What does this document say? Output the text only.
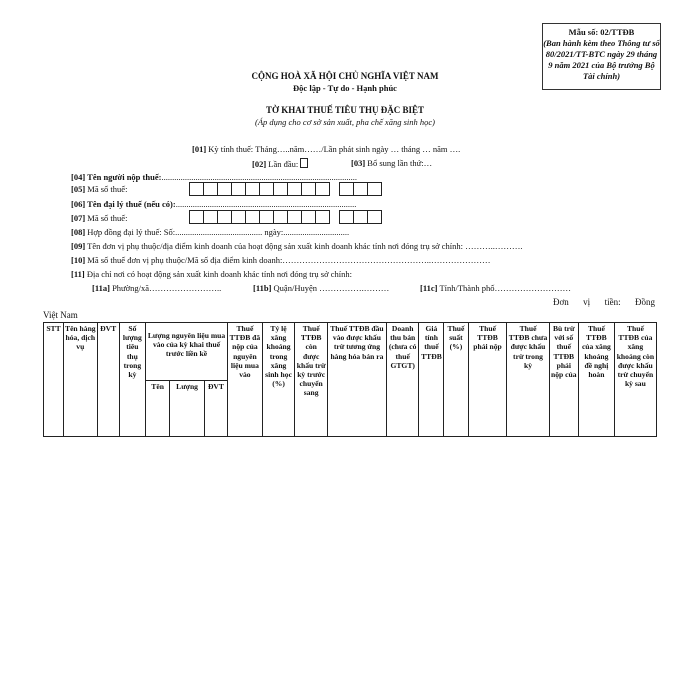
Mẫu số: 02/TTĐB
(Ban hành kèm theo Thông tư số 80/2021/TT-BTC ngày 29 tháng 9 năm 2021 của Bộ trưởng Bộ Tài chính)
CỘNG HOÀ XÃ HỘI CHỦ NGHĨA VIỆT NAM
Độc lập - Tự do - Hạnh phúc
TỜ KHAI THUẾ TIÊU THỤ ĐẶC BIỆT
(Áp dụng cho cơ sở sản xuất, pha chế xăng sinh học)
[01] Kỳ tính thuế: Tháng…..năm……/Lần phát sinh ngày … tháng … năm ….
[02] Lần đầu:	[03] Bổ sung lần thứ:…
[04] Tên người nộp thuế:............................................................................................
[05] Mã số thuế:
[06] Tên đại lý thuế (nếu có):.....................................................................................
[07] Mã số thuế:
[08] Hợp đồng đại lý thuế: Số:......................................... ngày:...............................
[09] Tên đơn vị phụ thuộc/địa điểm kinh doanh của hoạt động sản xuất kinh doanh khác tỉnh nơi đóng trụ sở chính: ………..……….
[10] Mã số thuế đơn vị phụ thuộc/Mã số địa điểm kinh doanh:……………………………………………..…………………
[11] Địa chỉ nơi có hoạt động sản xuất kinh doanh khác tỉnh nơi đóng trụ sở chính:
[11a] Phường/xã……………………..	[11b] Quận/Huyện …………….………	[11c] Tỉnh/Thành phố………………………
Đơn vị tiền: Đồng
Việt Nam
STT	Tên hàng hóa, dịch vụ	ĐVT	Số lượng tiêu thụ trong kỳ	Lượng nguyên liệu mua vào của kỳ khai thuế trước liền kề			Thuế TTĐB đã nộp của nguyên liệu mua vào	Tỷ lệ xăng khoáng trong xăng sinh học (%)	Thuế TTĐB còn được khấu trừ kỳ trước chuyển sang	Thuế TTĐB đầu vào được khấu trừ tương ứng hàng hóa bán ra	Doanh thu bán (chưa có thuế GTGT)	Giá tính thuế TTĐB	Thuế suất (%)	Thuế TTĐB phải nộp	Thuế TTĐB chưa được khấu trừ trong kỳ	Bù trừ với số thuế TTĐB phải nộp của	Thuế TTĐB của xăng khoáng đề nghị hoàn	Thuế TTĐB của xăng khoáng còn được khấu trừ chuyển kỳ sau
				Tên	Lượng	ĐVT												
